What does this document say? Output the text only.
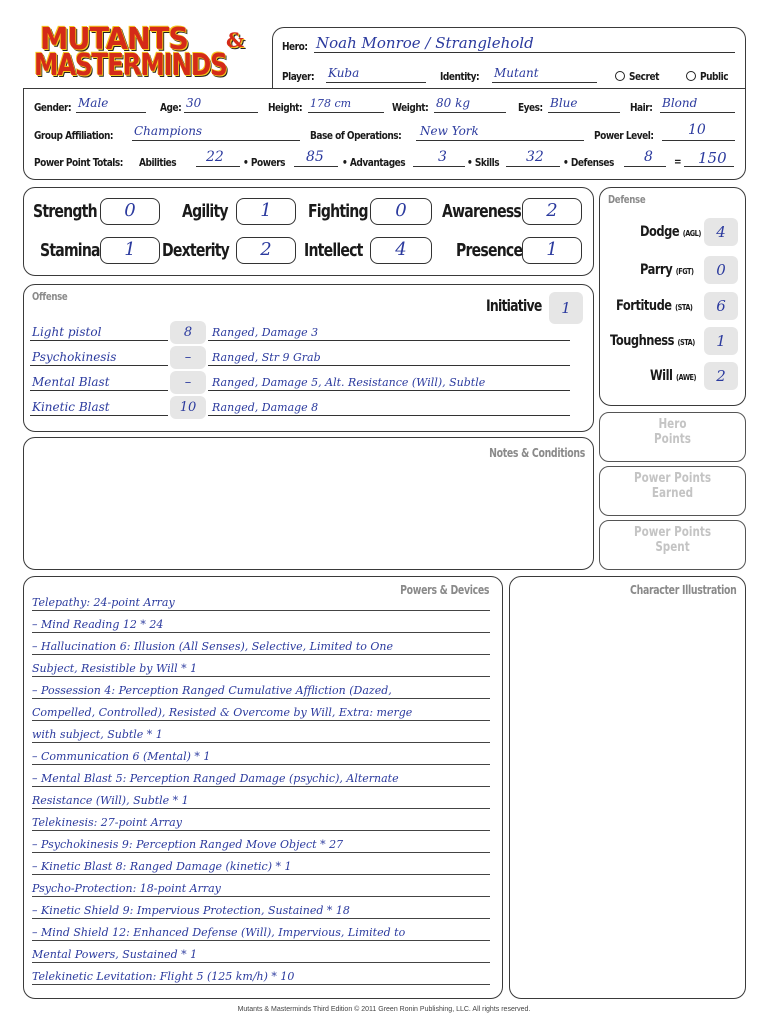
MUTANTS &
MASTERMINDS
Hero: Noah Monroe / Stranglehold
Player: Kuba	Identity: Mutant	Secret	Public
Gender: Male	Age: 30	Height: 178 cm	Weight: 80 kg	Eyes: Blue	Hair: Blond
Group Affiliation: Champions	Base of Operations: New York	Power Level: 10
Power Point Totals: Abilities 22 • Powers 85 • Advantages 3 • Skills 32 • Defenses 8 = 150
Strength	0	Agility	1	Fighting	0	Awareness	2
Stamina	1	Dexterity	2	Intellect	4	Presence	1
Defense
Dodge (AGL)	4
Parry (FGT)	0
Fortitude (STA)	6
Toughness (STA)	1
Will (AWE)	2
Offense	Initiative	1
Light pistol	8	Ranged, Damage 3
Psychokinesis	–	Ranged, Str 9 Grab
Mental Blast	–	Ranged, Damage 5, Alt. Resistance (Will), Subtle
Kinetic Blast	10	Ranged, Damage 8
Hero Points
Power Points Earned
Power Points Spent
Notes & Conditions
Powers & Devices
Telepathy: 24-point Array
– Mind Reading 12 * 24
– Hallucination 6: Illusion (All Senses), Selective, Limited to One
Subject, Resistible by Will * 1
– Possession 4: Perception Ranged Cumulative Affliction (Dazed,
Compelled, Controlled), Resisted & Overcome by Will, Extra: merge
with subject, Subtle * 1
– Communication 6 (Mental) * 1
– Mental Blast 5: Perception Ranged Damage (psychic), Alternate
Resistance (Will), Subtle * 1
Telekinesis: 27-point Array
– Psychokinesis 9: Perception Ranged Move Object * 27
– Kinetic Blast 8: Ranged Damage (kinetic) * 1
Psycho-Protection: 18-point Array
– Kinetic Shield 9: Impervious Protection, Sustained * 18
– Mind Shield 12: Enhanced Defense (Will), Impervious, Limited to
Mental Powers, Sustained * 1
Telekinetic Levitation: Flight 5 (125 km/h) * 10
Character Illustration
Mutants & Masterminds Third Edition © 2011 Green Ronin Publishing, LLC. All rights reserved.
